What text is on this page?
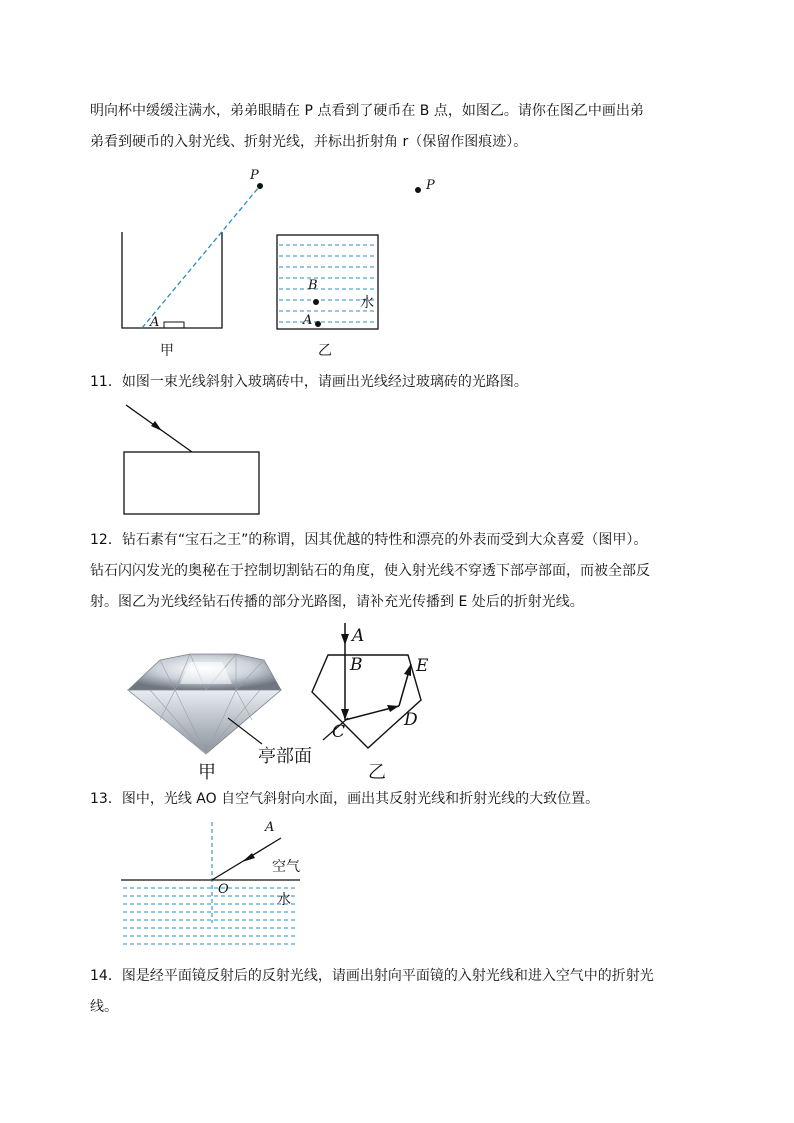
明向杯中缓缓注满水，弟弟眼睛在 P 点看到了硬币在 B 点，如图乙。请你在图乙中画出弟
弟看到硬币的入射光线、折射光线，并标出折射角 r（保留作图痕迹）。
P
A
甲
P
B
A
水
乙
11．如图一束光线斜射入玻璃砖中，请画出光线经过玻璃砖的光路图。
12．钻石素有“宝石之王”的称谓，因其优越的特性和漂亮的外表而受到大众喜爱（图甲）。
钻石闪闪发光的奥秘在于控制切割钻石的角度，使入射光线不穿透下部亭部面，而被全部反
射。图乙为光线经钻石传播的部分光路图，请补充光传播到 E 处后的折射光线。
亭部面
甲
A
B
C
D
E
乙
13．图中，光线 AO 自空气斜射向水面，画出其反射光线和折射光线的大致位置。
A
O
空气
水
14．图是经平面镜反射后的反射光线，请画出射向平面镜的入射光线和进入空气中的折射光
线。
